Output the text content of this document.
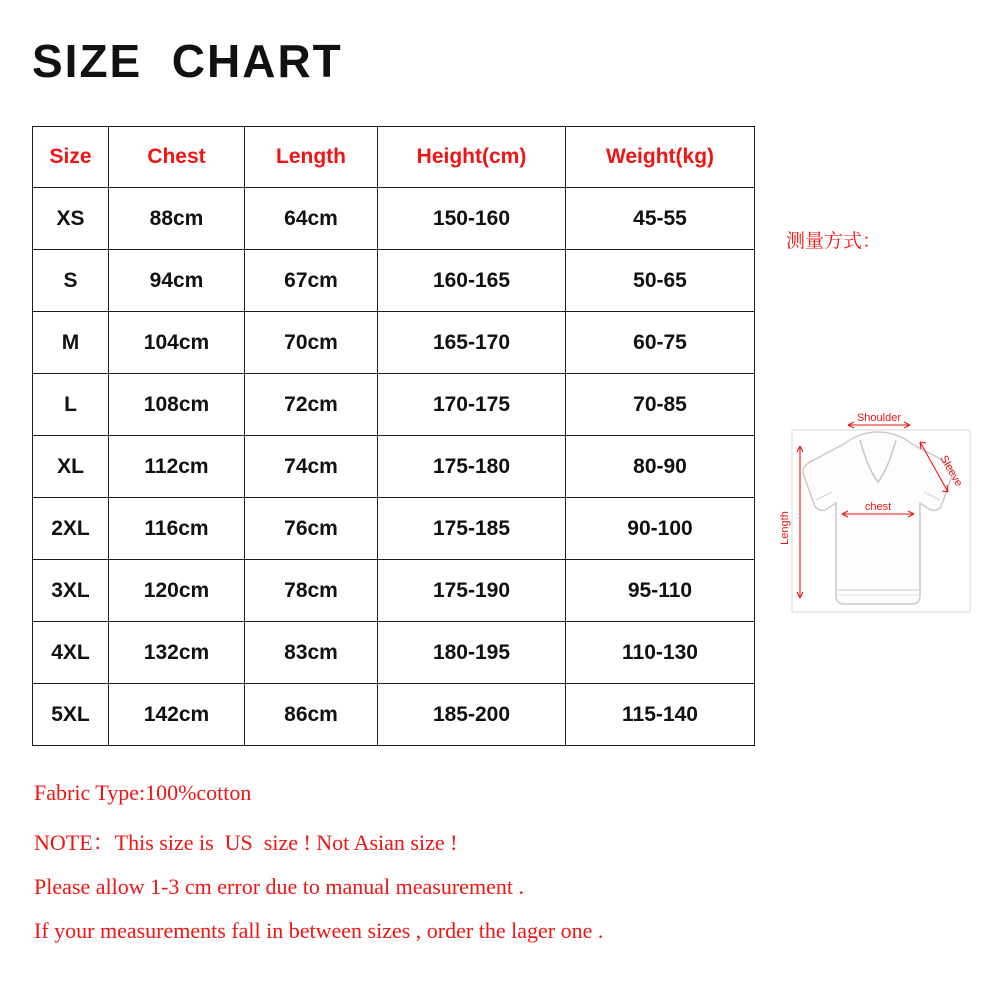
SIZE  CHART
Size	Chest	Length	Height(cm)	Weight(kg)
XS	88cm	64cm	150-160	45-55
S	94cm	67cm	160-165	50-65
M	104cm	70cm	165-170	60-75
L	108cm	72cm	170-175	70-85
XL	112cm	74cm	175-180	80-90
2XL	116cm	76cm	175-185	90-100
3XL	120cm	78cm	175-190	95-110
4XL	132cm	83cm	180-195	110-130
5XL	142cm	86cm	185-200	115-140
Fabric Type:100%cotton
NOTE：This size is  US  size ! Not Asian size !
Please allow 1-3 cm error due to manual measurement .
If your measurements fall in between sizes , order the lager one .
测量方式：
Shoulder
Sleeve
Length
chest
